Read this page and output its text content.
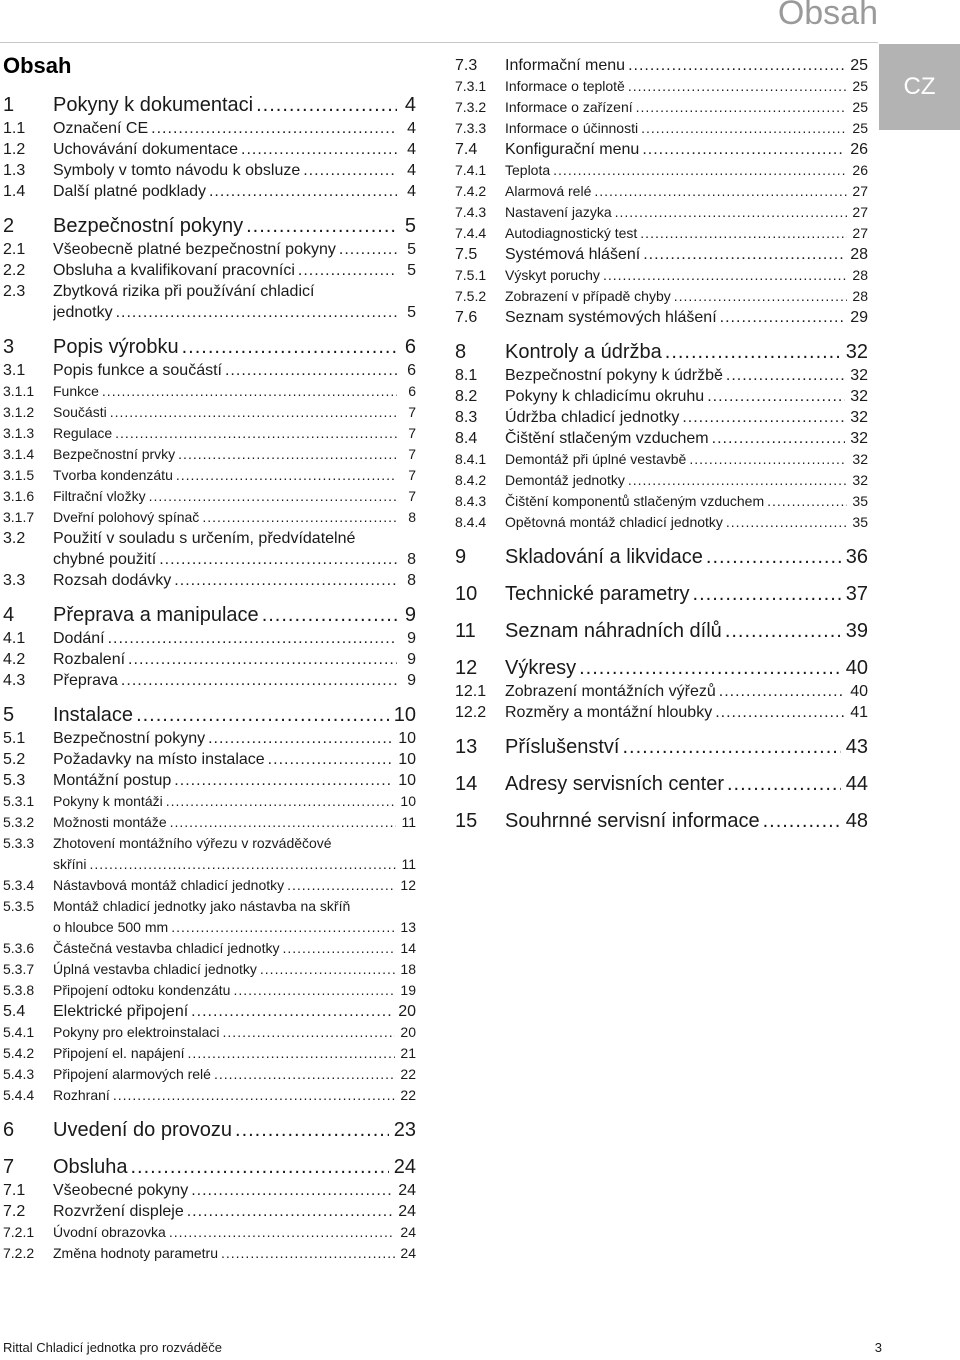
Obsah
CZ
Obsah
1	Pokyny k dokumentaci .....	4
1.1	Označení CE .....	4
1.2	Uchovávání dokumentace .....	4
1.3	Symboly v tomto návodu k obsluze .....	4
1.4	Další platné podklady .....	4
2	Bezpečnostní pokyny .....	5
2.1	Všeobecně platné bezpečnostní pokyny .....	5
2.2	Obsluha a kvalifikovaní pracovníci .....	5
2.3	Zbytková rizika při používání chladicí
jednotky .....	5
3	Popis výrobku .....	6
3.1	Popis funkce a součástí .....	6
3.1.1	Funkce .....	6
3.1.2	Součásti .....	7
3.1.3	Regulace .....	7
3.1.4	Bezpečnostní prvky .....	7
3.1.5	Tvorba kondenzátu .....	7
3.1.6	Filtrační vložky .....	7
3.1.7	Dveřní polohový spínač .....	8
3.2	Použití v souladu s určením, předvídatelné
chybné použití .....	8
3.3	Rozsah dodávky .....	8
4	Přeprava a manipulace .....	9
4.1	Dodání .....	9
4.2	Rozbalení .....	9
4.3	Přeprava .....	9
5	Instalace .....	10
5.1	Bezpečnostní pokyny .....	10
5.2	Požadavky na místo instalace .....	10
5.3	Montážní postup .....	10
5.3.1	Pokyny k montáži .....	10
5.3.2	Možnosti montáže .....	11
5.3.3	Zhotovení montážního výřezu v rozváděčové
skříni .....	11
5.3.4	Nástavbová montáž chladicí jednotky .....	12
5.3.5	Montáž chladicí jednotky jako nástavba na skříň
o hloubce 500 mm .....	13
5.3.6	Částečná vestavba chladicí jednotky .....	14
5.3.7	Úplná vestavba chladicí jednotky .....	18
5.3.8	Připojení odtoku kondenzátu .....	19
5.4	Elektrické připojení .....	20
5.4.1	Pokyny pro elektroinstalaci .....	20
5.4.2	Připojení el. napájení .....	21
5.4.3	Připojení alarmových relé .....	22
5.4.4	Rozhraní .....	22
6	Uvedení do provozu .....	23
7	Obsluha .....	24
7.1	Všeobecné pokyny .....	24
7.2	Rozvržení displeje .....	24
7.2.1	Úvodní obrazovka .....	24
7.2.2	Změna hodnoty parametru .....	24
7.3	Informační menu .....	25
7.3.1	Informace o teplotě .....	25
7.3.2	Informace o zařízení .....	25
7.3.3	Informace o účinnosti .....	25
7.4	Konfigurační menu .....	26
7.4.1	Teplota .....	26
7.4.2	Alarmová relé .....	27
7.4.3	Nastavení jazyka .....	27
7.4.4	Autodiagnostický test .....	27
7.5	Systémová hlášení .....	28
7.5.1	Výskyt poruchy .....	28
7.5.2	Zobrazení v případě chyby .....	28
7.6	Seznam systémových hlášení .....	29
8	Kontroly a údržba .....	32
8.1	Bezpečnostní pokyny k údržbě .....	32
8.2	Pokyny k chladicímu okruhu .....	32
8.3	Údržba chladicí jednotky .....	32
8.4	Čištění stlačeným vzduchem .....	32
8.4.1	Demontáž při úplné vestavbě .....	32
8.4.2	Demontáž jednotky .....	32
8.4.3	Čištění komponentů stlačeným vzduchem .....	35
8.4.4	Opětovná montáž chladicí jednotky .....	35
9	Skladování a likvidace .....	36
10	Technické parametry .....	37
11	Seznam náhradních dílů .....	39
12	Výkresy .....	40
12.1	Zobrazení montážních výřezů .....	40
12.2	Rozměry a montážní hloubky .....	41
13	Příslušenství .....	43
14	Adresy servisních center .....	44
15	Souhrnné servisní informace .....	48
Rittal Chladicí jednotka pro rozváděče	3
